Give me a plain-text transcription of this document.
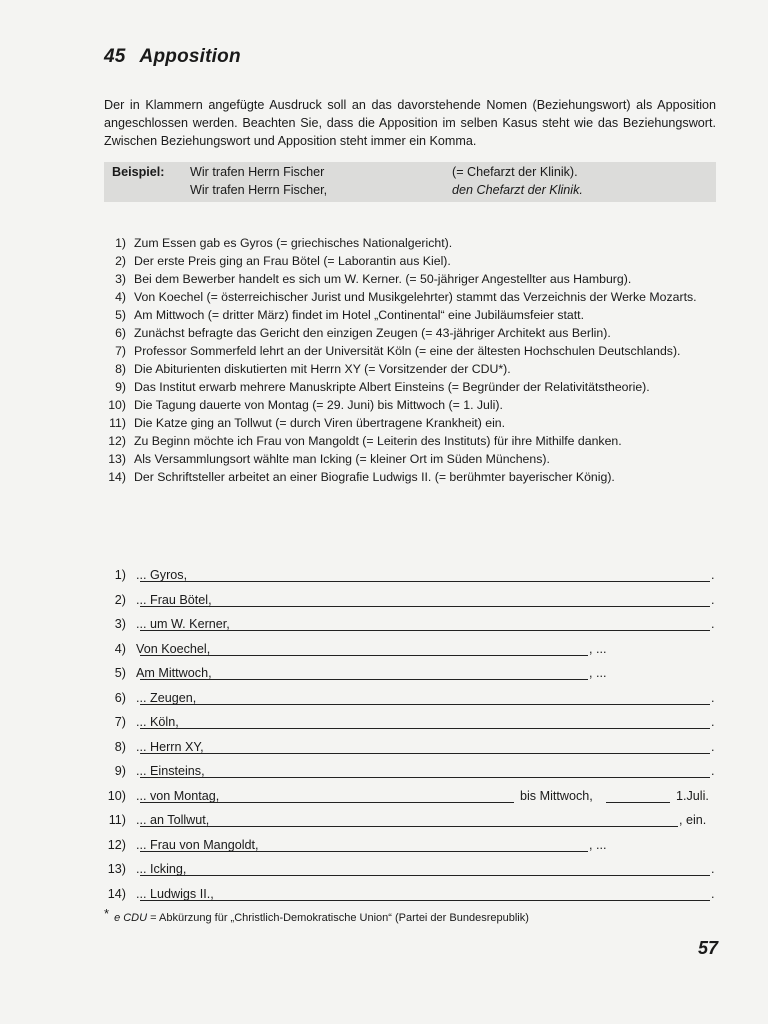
45 Apposition
Der in Klammern angefügte Ausdruck soll an das davorstehende Nomen (Beziehungswort) als Apposition angeschlossen werden. Beachten Sie, dass die Apposition im selben Kasus steht wie das Beziehungswort. Zwischen Beziehungswort und Apposition steht immer ein Komma.
Beispiel: Wir trafen Herrn Fischer	(= Chefarzt der Klinik).
Wir trafen Herrn Fischer,	den Chefarzt der Klinik.
1) Zum Essen gab es Gyros (= griechisches Nationalgericht).
2) Der erste Preis ging an Frau Bötel (= Laborantin aus Kiel).
3) Bei dem Bewerber handelt es sich um W. Kerner. (= 50-jähriger Angestellter aus Hamburg).
4) Von Koechel (= österreichischer Jurist und Musikgelehrter) stammt das Verzeichnis der Werke Mozarts.
5) Am Mittwoch (= dritter März) findet im Hotel „Continental“ eine Jubiläumsfeier statt.
6) Zunächst befragte das Gericht den einzigen Zeugen (= 43-jähriger Architekt aus Berlin).
7) Professor Sommerfeld lehrt an der Universität Köln (= eine der ältesten Hochschulen Deutschlands).
8) Die Abiturienten diskutierten mit Herrn XY (= Vorsitzender der CDU*).
9) Das Institut erwarb mehrere Manuskripte Albert Einsteins (= Begründer der Relativitätstheorie).
10) Die Tagung dauerte von Montag (= 29. Juni) bis Mittwoch (= 1. Juli).
11) Die Katze ging an Tollwut (= durch Viren übertragene Krankheit) ein.
12) Zu Beginn möchte ich Frau von Mangoldt (= Leiterin des Instituts) für ihre Mithilfe danken.
13) Als Versammlungsort wählte man Icking (= kleiner Ort im Süden Münchens).
14) Der Schriftsteller arbeitet an einer Biografie Ludwigs II. (= berühmter bayerischer König).
1) ... Gyros,	.
2) ... Frau Bötel,	.
3) ... um W. Kerner,	.
4) Von Koechel,	, ...
5) Am Mittwoch,	, ...
6) ... Zeugen,	.
7) ... Köln,	.
8) ... Herrn XY,	.
9) ... Einsteins,	.
10) ... von Montag,	bis Mittwoch,	1.Juli.
11) ... an Tollwut,	, ein.
12) ... Frau von Mangoldt,	, ...
13) ... Icking,	.
14) ... Ludwigs II.,	.
* e CDU = Abkürzung für „Christlich-Demokratische Union“ (Partei der Bundesrepublik)
57
